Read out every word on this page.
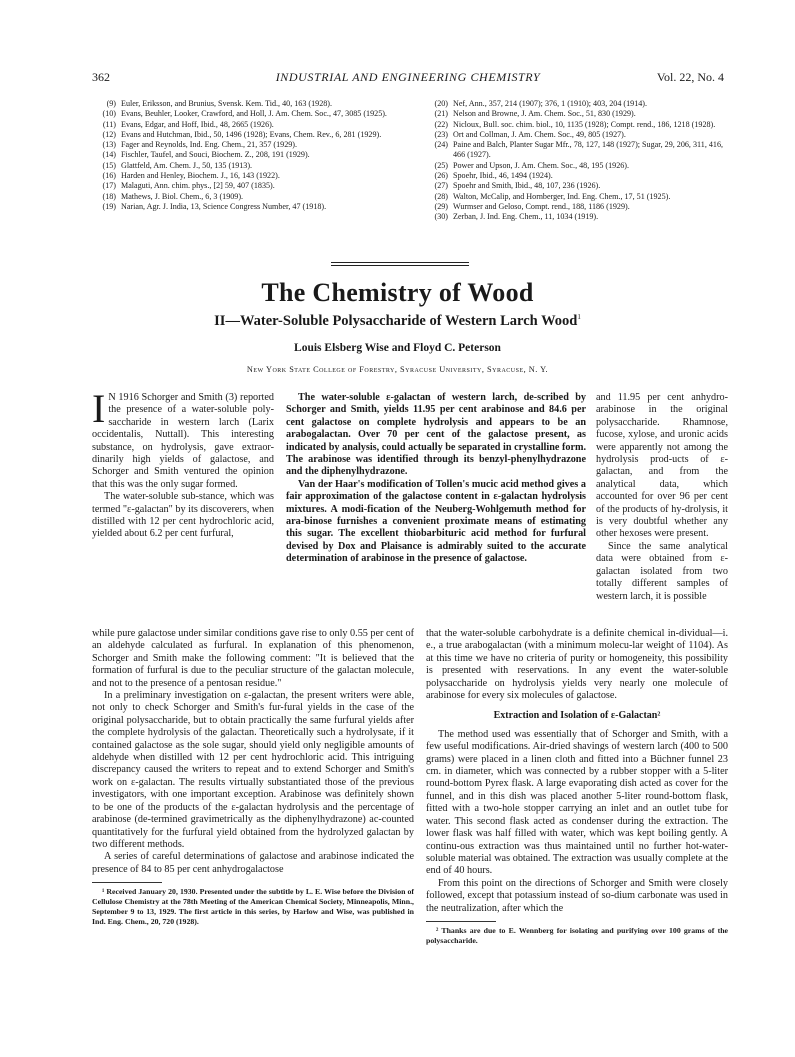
362	INDUSTRIAL AND ENGINEERING CHEMISTRY	Vol. 22, No. 4
(9) Euler, Eriksson, and Brunius, Svensk. Kem. Tid., 40, 163 (1928).
(10) Evans, Beuhler, Looker, Crawford, and Holl, J. Am. Chem. Soc., 47, 3085 (1925).
(11) Evans, Edgar, and Hoff, Ibid., 48, 2665 (1926).
(12) Evans and Hutchman, Ibid., 50, 1496 (1928); Evans, Chem. Rev., 6, 281 (1929).
(13) Fager and Reynolds, Ind. Eng. Chem., 21, 357 (1929).
(14) Fischler, Taufel, and Souci, Biochem. Z., 208, 191 (1929).
(15) Glattfeld, Am. Chem. J., 50, 135 (1913).
(16) Harden and Henley, Biochem. J., 16, 143 (1922).
(17) Malaguti, Ann. chim. phys., [2] 59, 407 (1835).
(18) Mathews, J. Biol. Chem., 6, 3 (1909).
(19) Narian, Agr. J. India, 13, Science Congress Number, 47 (1918).
(20) Nef, Ann., 357, 214 (1907); 376, 1 (1910); 403, 204 (1914).
(21) Nelson and Browne, J. Am. Chem. Soc., 51, 830 (1929).
(22) Nicloux, Bull. soc. chim. biol., 10, 1135 (1928); Compt. rend., 186, 1218 (1928).
(23) Ort and Collman, J. Am. Chem. Soc., 49, 805 (1927).
(24) Paine and Balch, Planter Sugar Mfr., 78, 127, 148 (1927); Sugar, 29, 206, 311, 416, 466 (1927).
(25) Power and Upson, J. Am. Chem. Soc., 48, 195 (1926).
(26) Spoehr, Ibid., 46, 1494 (1924).
(27) Spoehr and Smith, Ibid., 48, 107, 236 (1926).
(28) Walton, McCalip, and Hornberger, Ind. Eng. Chem., 17, 51 (1925).
(29) Wurmser and Geloso, Compt. rend., 188, 1186 (1929).
(30) Zerban, J. Ind. Eng. Chem., 11, 1034 (1919).
The Chemistry of Wood
II—Water-Soluble Polysaccharide of Western Larch Wood$^1$
Louis Elsberg Wise and Floyd C. Peterson
New York State College of Forestry, Syracuse University, Syracuse, N. Y.

I N 1916 Schorger and Smith (3) reported the presence of a water-soluble poly-saccharide in western larch (Larix occidentalis, Nuttall). This interesting substance, on hydrolysis, gave extraor-dinarily high yields of galactose, and Schorger and Smith ventured the opinion that this was the only sugar formed.

The water-soluble sub-stance, which was termed "ε-galactan" by its discoverers, when distilled with 12 per cent hydrochloric acid, yielded about 6.2 per cent furfural,

The water-soluble ε-galactan of western larch, de-scribed by Schorger and Smith, yields 11.95 per cent arabinose and 84.6 per cent galactose on complete hydrolysis and appears to be an arabogalactan. Over 70 per cent of the galactose present, as indicated by analysis, could actually be separated in crystalline form. The arabinose was identified through its benzyl-phenylhydrazone and the diphenylhydrazone.

Van der Haar's modification of Tollen's mucic acid method gives a fair approximation of the galactose content in ε-galactan hydrolysis mixtures. A modi-fication of the Neuberg-Wohlgemuth method for ara-binose furnishes a convenient proximate means of estimating this sugar. The excellent thiobarbituric acid method for furfural devised by Dox and Plaisance is admirably suited to the accurate determination of arabinose in the presence of galactose.

and 11.95 per cent anhydro-arabinose in the original polysaccharide. Rhamnose, fucose, xylose, and uronic acids were apparently not among the hydrolysis prod-ucts of ε-galactan, and from the analytical data, which accounted for over 96 per cent of the products of hy-drolysis, it is very doubtful whether any other hexoses were present.

Since the same analytical data were obtained from ε-galactan isolated from two totally different samples of western larch, it is possible

while pure galactose under similar conditions gave rise to only 0.55 per cent of an aldehyde calculated as furfural. In explanation of this phenomenon, Schorger and Smith make the following comment: "It is believed that the formation of furfural is due to the peculiar structure of the galactan molecule, and not to the presence of a pentosan residue."

In a preliminary investigation on ε-galactan, the present writers were able, not only to check Schorger and Smith's fur-fural yields in the case of the original polysaccharide, but to obtain practically the same furfural yields after the complete hydrolysis of the galactan. Theoretically such a hydrolysate, if it contained galactose as the sole sugar, should yield only negligible amounts of aldehyde when distilled with 12 per cent hydrochloric acid. This intriguing discrepancy caused the writers to repeat and to extend Schorger and Smith's work on ε-galactan. The results virtually substantiated those of the previous investigators, with one important exception. Arabinose was definitely shown to be one of the products of the ε-galactan hydrolysis and the percentage of arabinose (de-termined gravimetrically as the diphenylhydrazone) ac-counted quantitatively for the furfural yield obtained from the hydrolyzed galactan by two different methods.

A series of careful determinations of galactose and arabinose indicated the presence of 84 to 85 per cent anhydrogalactose

¹ Received January 20, 1930. Presented under the subtitle by L. E. Wise before the Division of Cellulose Chemistry at the 78th Meeting of the American Chemical Society, Minneapolis, Minn., September 9 to 13, 1929. The first article in this series, by Harlow and Wise, was published in Ind. Eng. Chem., 20, 720 (1928).

that the water-soluble carbohydrate is a definite chemical in-dividual—i. e., a true arabogalactan (with a minimum molecu-lar weight of 1104). As at this time we have no criteria of purity or homogeneity, this possibility is presented with reservations. In any event the water-soluble polysaccharide on hydrolysis yields very nearly one molecule of arabinose for every six molecules of galactose.

Extraction and Isolation of ε-Galactan²

The method used was essentially that of Schorger and Smith, with a few useful modifications. Air-dried shavings of western larch (400 to 500 grams) were placed in a linen cloth and fitted into a Büchner funnel 23 cm. in diameter, which was connected by a rubber stopper with a 5-liter round-bottom Pyrex flask. A large evaporating dish acted as cover for the funnel, and in this dish was placed another 5-liter round-bottom flask, fitted with a two-hole stopper carrying an inlet and an outlet tube for water. This second flask acted as condenser during the extraction. The lower flask was half filled with water, which was kept boiling gently. A continu-ous extraction was thus maintained until no further hot-water-soluble material was obtained. The extraction was usually complete at the end of 40 hours.

From this point on the directions of Schorger and Smith were closely followed, except that potassium instead of so-dium carbonate was used in the neutralization, after which the

² Thanks are due to E. Wennberg for isolating and purifying over 100 grams of the polysaccharide.
